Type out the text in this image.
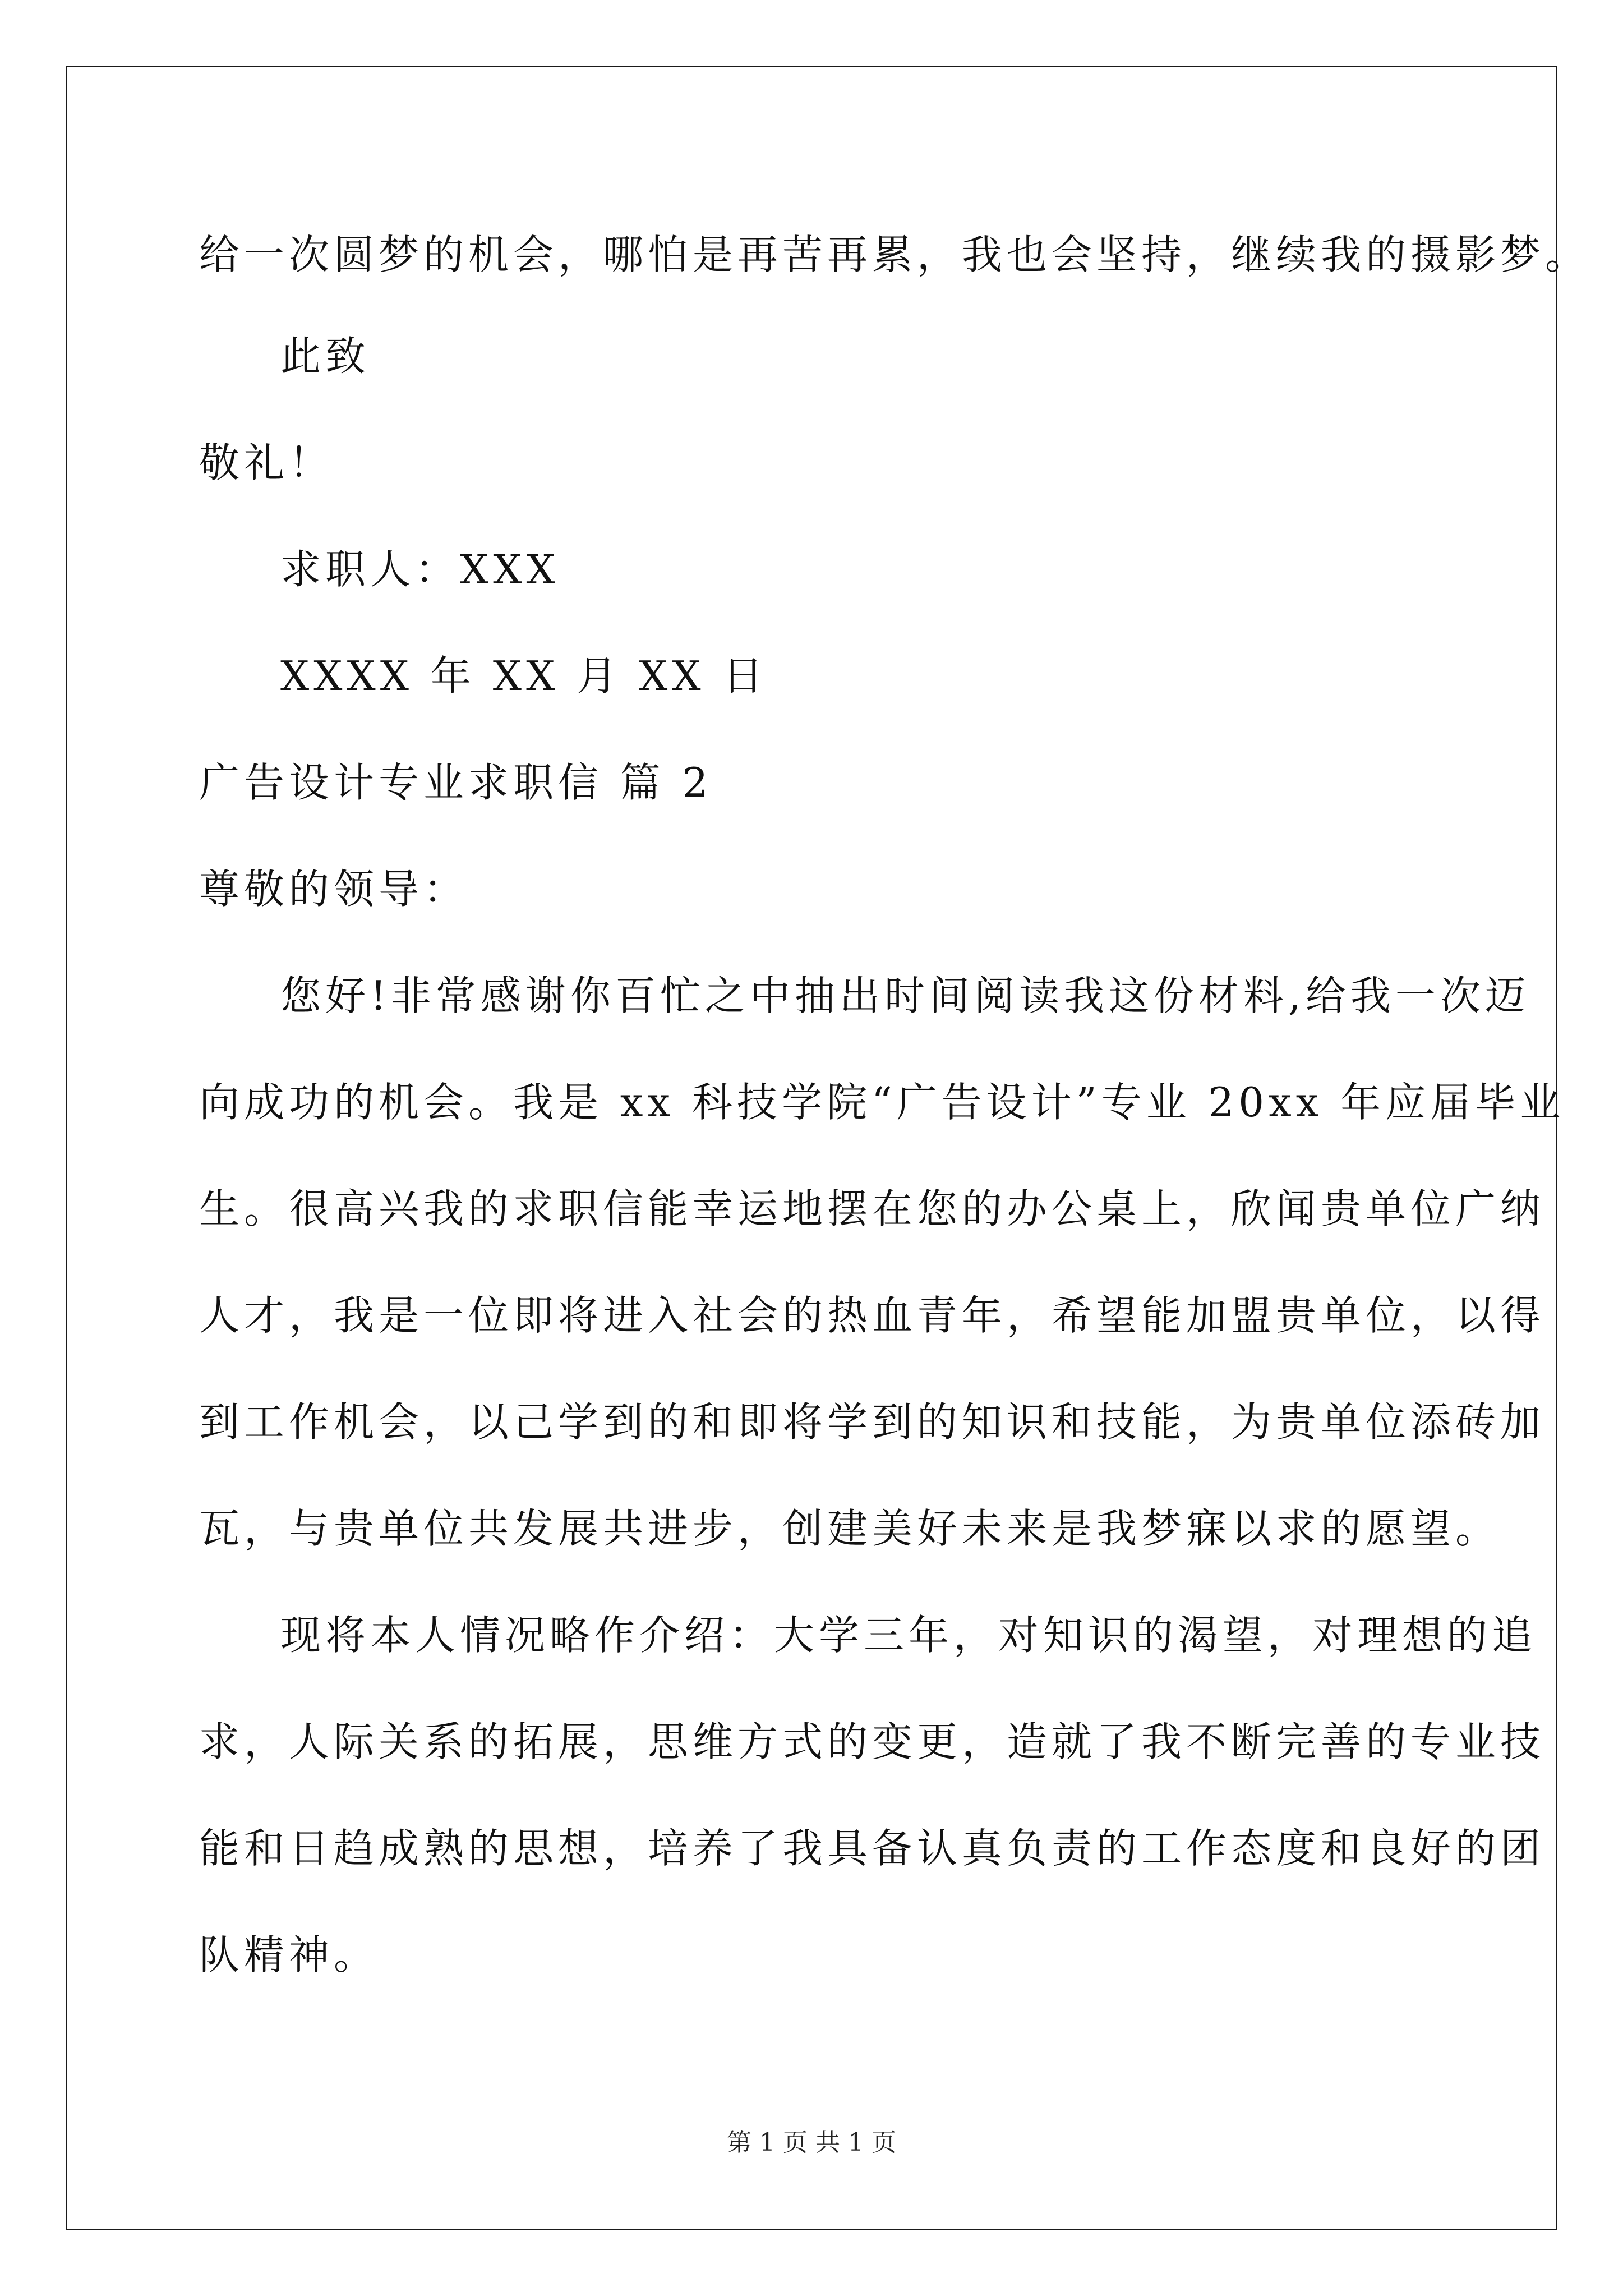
给一次圆梦的机会，哪怕是再苦再累，我也会坚持，继续我的摄影梦。
此致
敬礼！
求职人：XXX
XXXX 年 XX 月 XX 日
广告设计专业求职信 篇 2
尊敬的领导：
您好!非常感谢你百忙之中抽出时间阅读我这份材料,给我一次迈
向成功的机会。我是 xx 科技学院“广告设计”专业 20xx 年应届毕业
生。很高兴我的求职信能幸运地摆在您的办公桌上，欣闻贵单位广纳
人才，我是一位即将进入社会的热血青年，希望能加盟贵单位，以得
到工作机会，以己学到的和即将学到的知识和技能，为贵单位添砖加
瓦，与贵单位共发展共进步，创建美好未来是我梦寐以求的愿望。
现将本人情况略作介绍：大学三年，对知识的渴望，对理想的追
求，人际关系的拓展，思维方式的变更，造就了我不断完善的专业技
能和日趋成熟的思想，培养了我具备认真负责的工作态度和良好的团
队精神。
第 1 页 共 1 页
